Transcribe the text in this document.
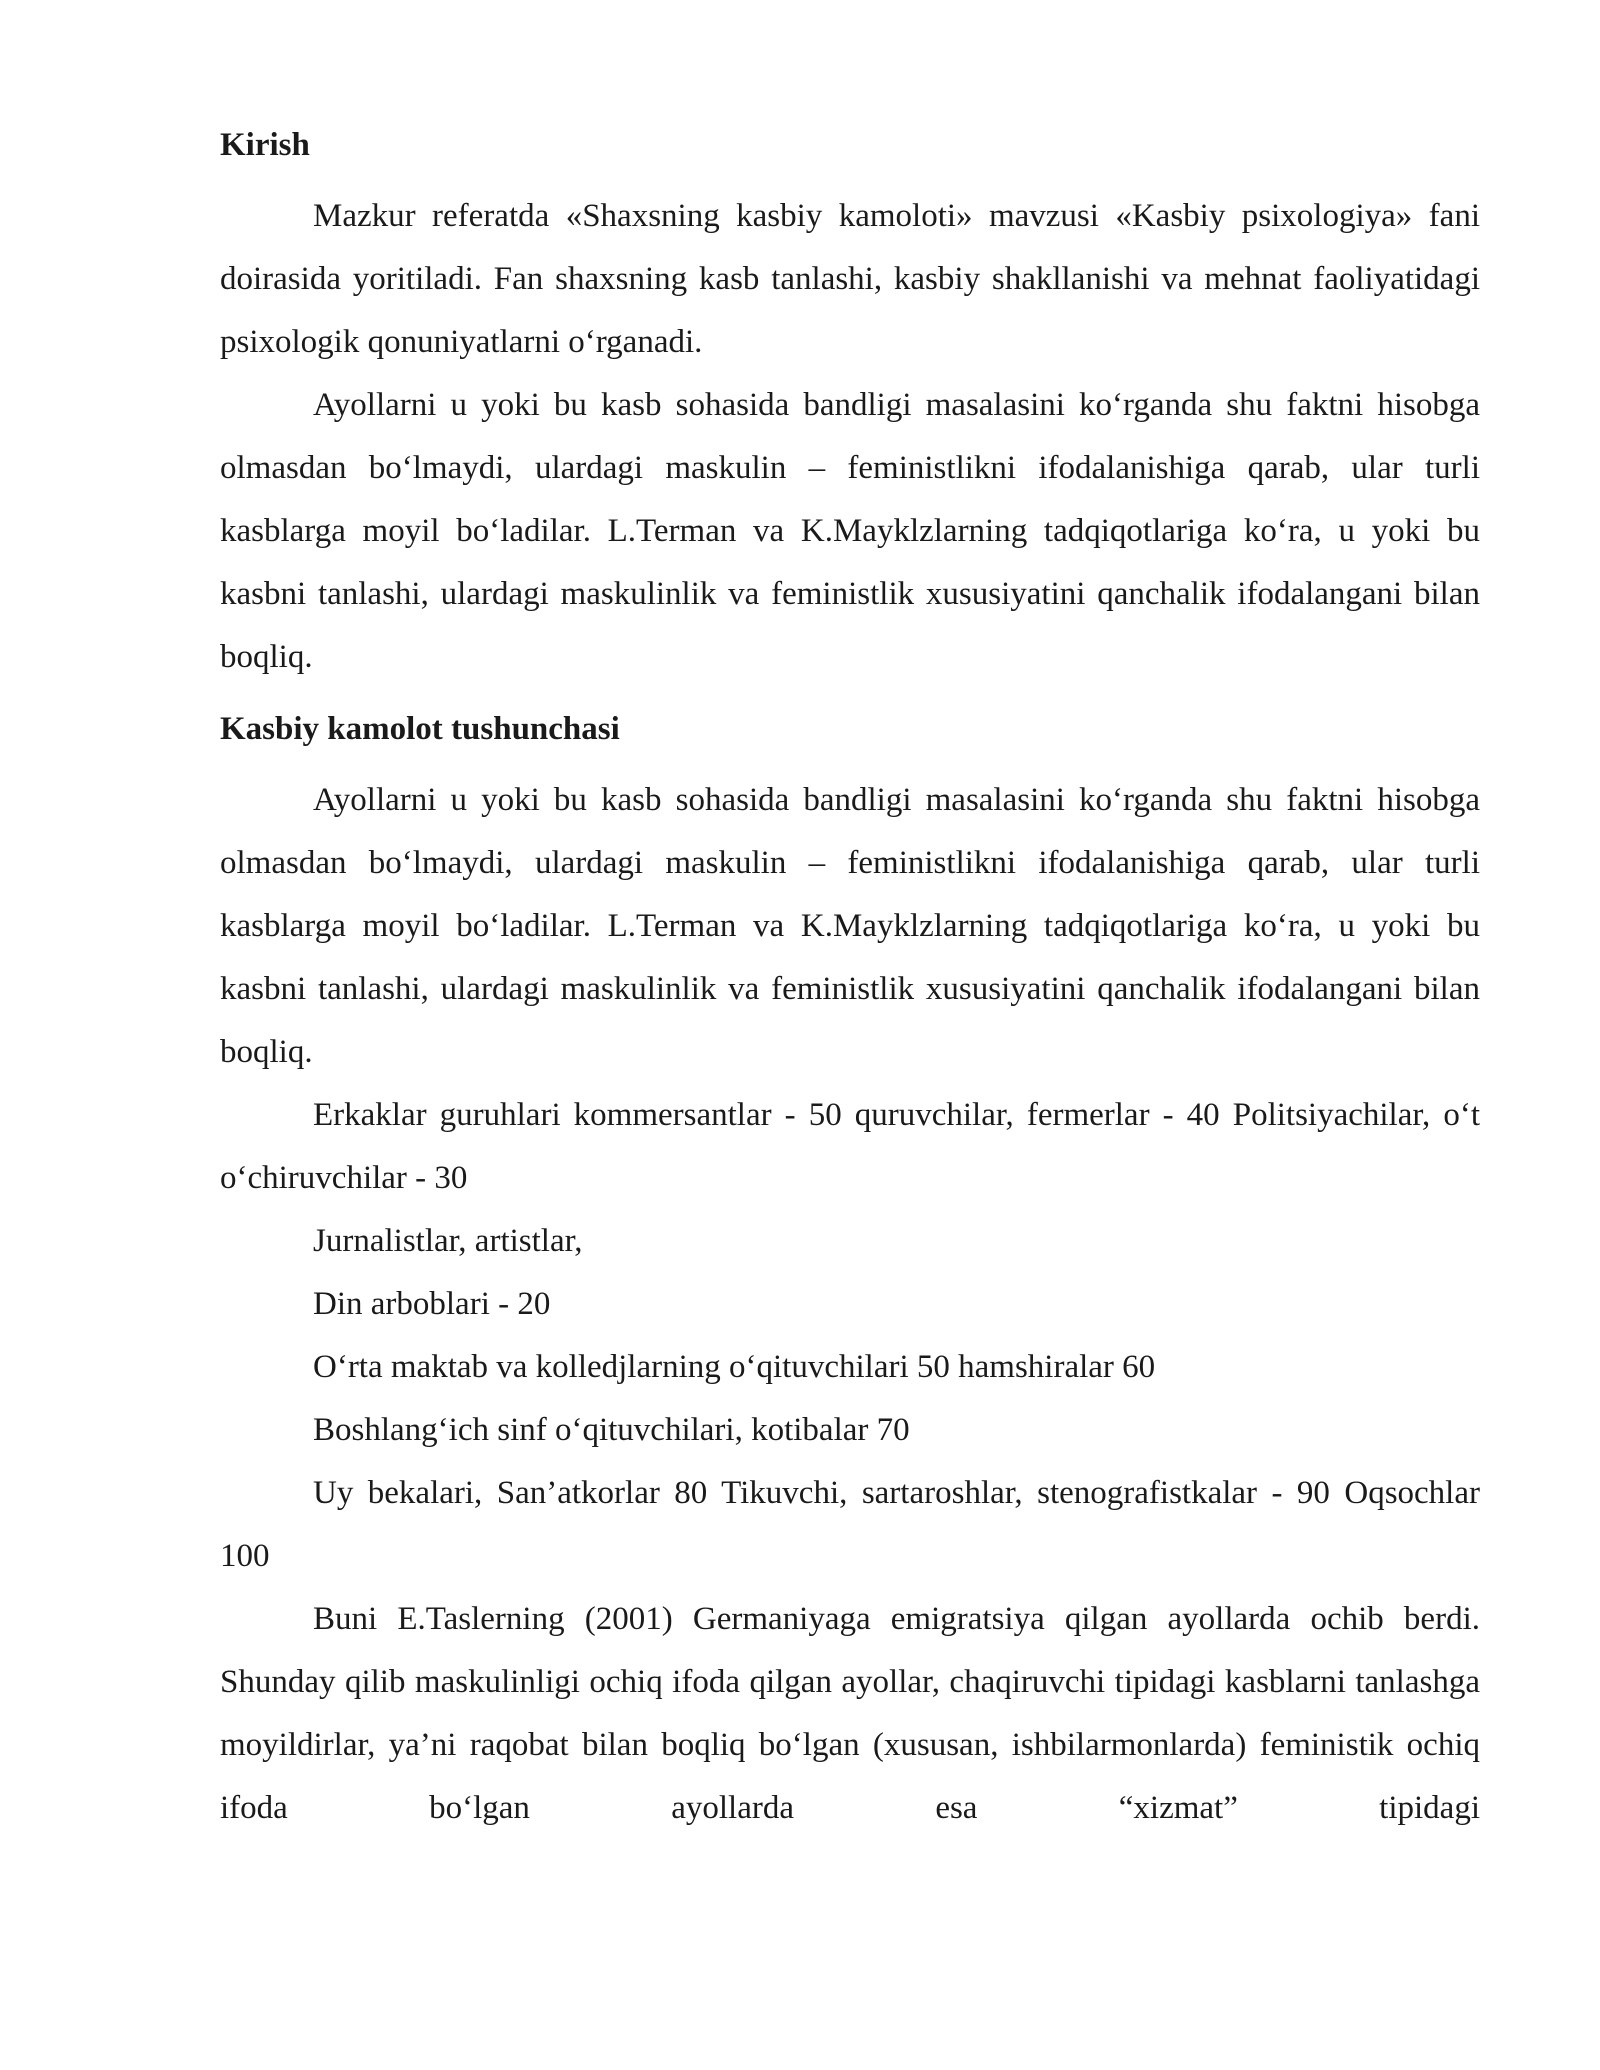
Kirish

Mazkur referatda «Shaxsning kasbiy kamoloti» mavzusi «Kasbiy psixologiya» fani doirasida yoritiladi. Fan shaxsning kasb tanlashi, kasbiy shakllanishi va mehnat faoliyatidagi psixologik qonuniyatlarni o‘rganadi.

Ayollarni u yoki bu kasb sohasida bandligi masalasini ko‘rganda shu faktni hisobga olmasdan bo‘lmaydi, ulardagi maskulin – feministlikni ifodalanishiga qarab, ular turli kasblarga moyil bo‘ladilar. L.Terman va K.Mayklzlarning tadqiqotlariga ko‘ra, u yoki bu kasbni tanlashi, ulardagi maskulinlik va feministlik xususiyatini qanchalik ifodalangani bilan boqliq.

Kasbiy kamolot tushunchasi

Ayollarni u yoki bu kasb sohasida bandligi masalasini ko‘rganda shu faktni hisobga olmasdan bo‘lmaydi, ulardagi maskulin – feministlikni ifodalanishiga qarab, ular turli kasblarga moyil bo‘ladilar. L.Terman va K.Mayklzlarning tadqiqotlariga ko‘ra, u yoki bu kasbni tanlashi, ulardagi maskulinlik va feministlik xususiyatini qanchalik ifodalangani bilan boqliq.

Erkaklar guruhlari kommersantlar - 50 quruvchilar, fermerlar - 40 Politsiyachilar, o‘t o‘chiruvchilar - 30

Jurnalistlar, artistlar,

Din arboblari - 20

O‘rta maktab va kolledjlarning o‘qituvchilari 50 hamshiralar 60

Boshlang‘ich sinf o‘qituvchilari, kotibalar 70

Uy bekalari, San’atkorlar 80 Tikuvchi, sartaroshlar, stenografistkalar - 90 Oqsochlar 100

Buni E.Taslerning (2001) Germaniyaga emigratsiya qilgan ayollarda ochib berdi. Shunday qilib maskulinligi ochiq ifoda qilgan ayollar, chaqiruvchi tipidagi kasblarni tanlashga moyildirlar, ya’ni raqobat bilan boqliq bo‘lgan (xususan, ishbilarmonlarda) feministik ochiq ifoda bo‘lgan ayollarda esa “xizmat” tipidagi
